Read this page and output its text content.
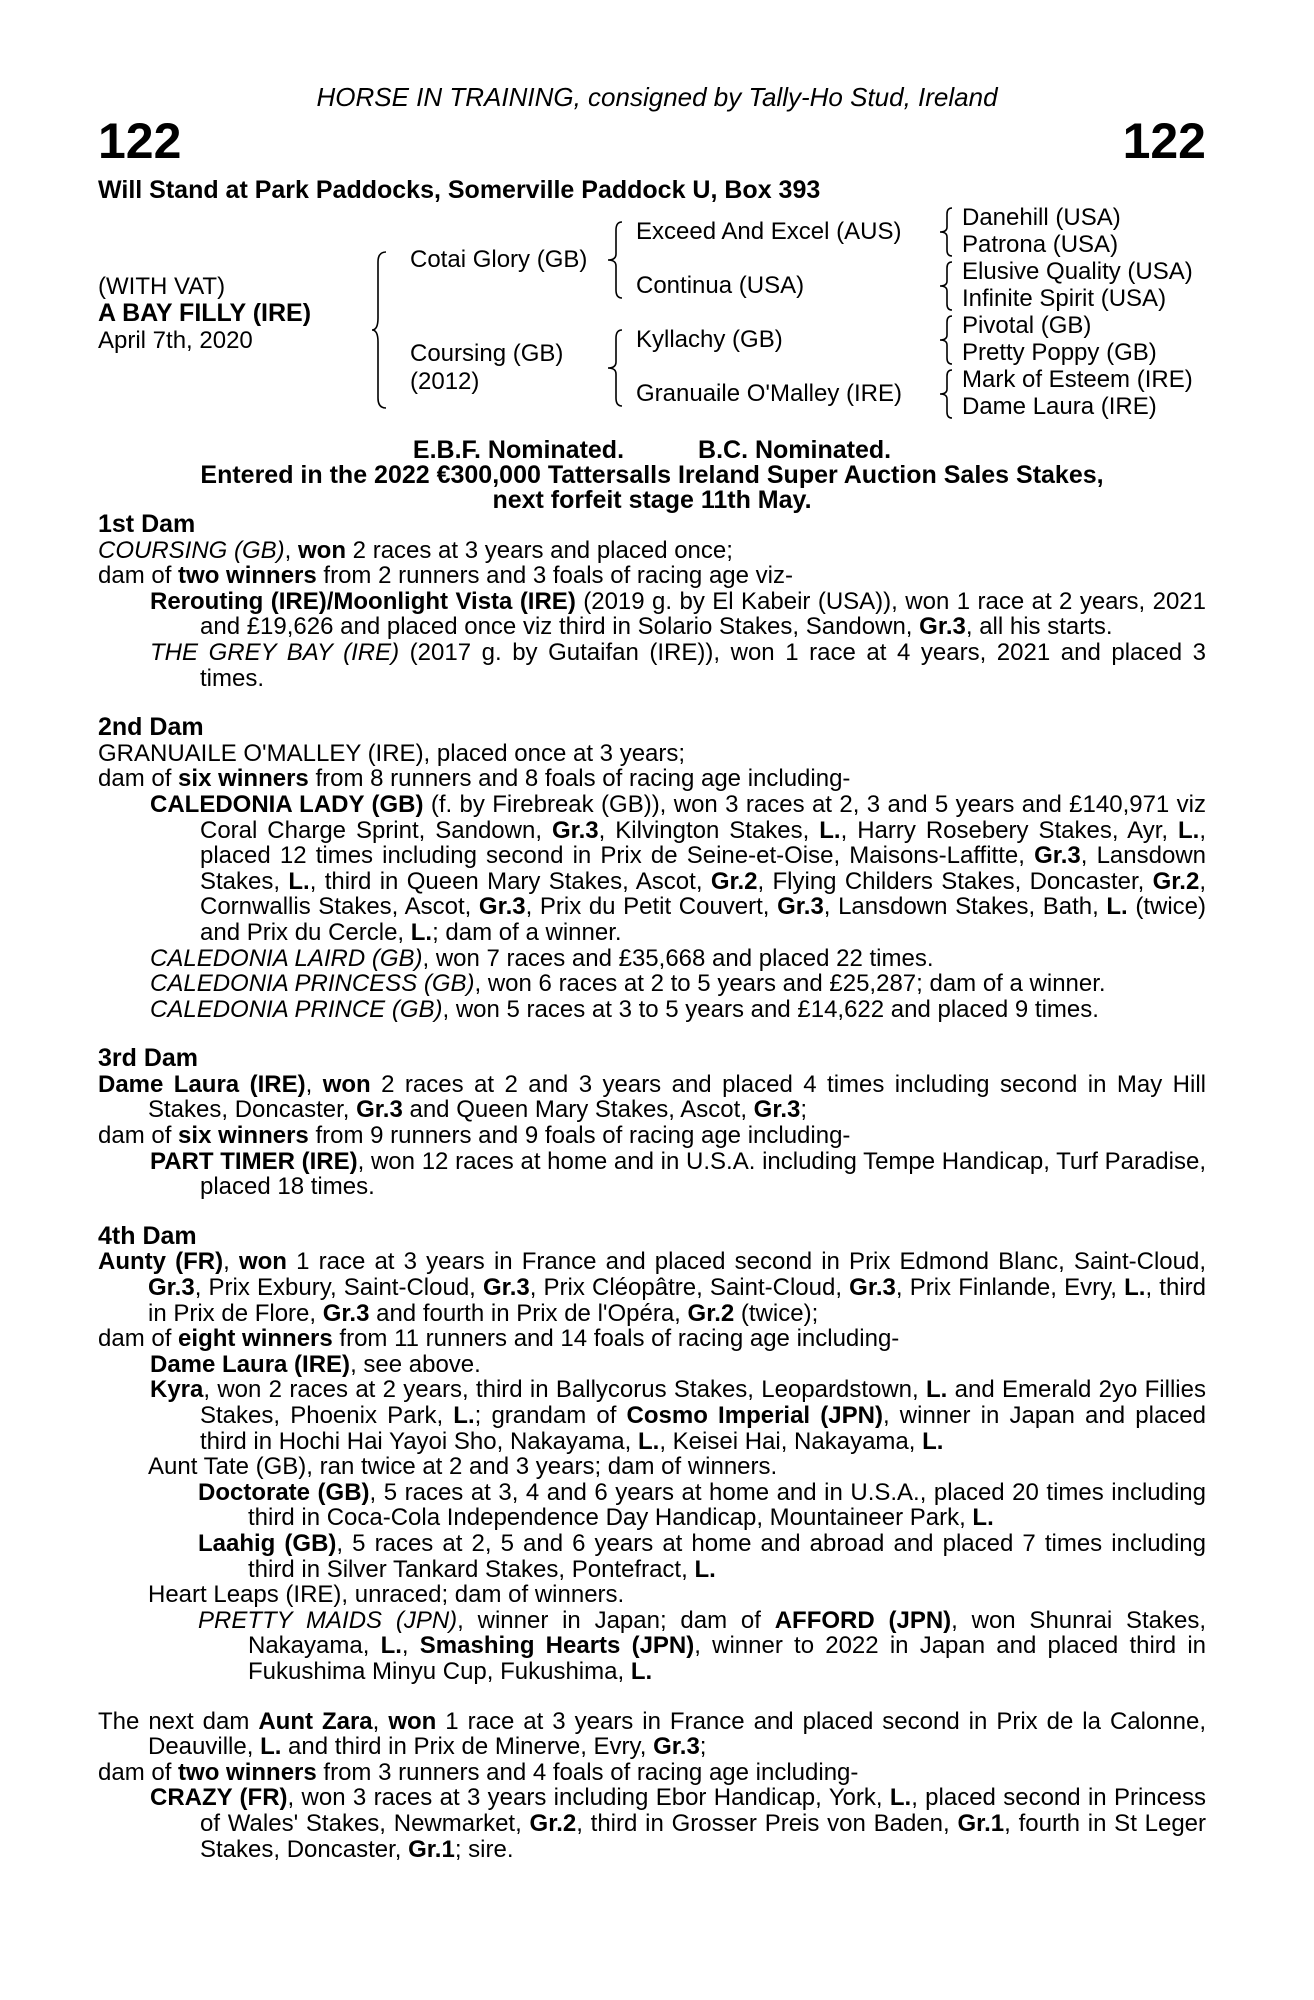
HORSE IN TRAINING, consigned by Tally-Ho Stud, Ireland
122	122
Will Stand at Park Paddocks, Somerville Paddock U, Box 393
(WITH VAT)
A BAY FILLY (IRE)
April 7th, 2020
Cotai Glory (GB)
Coursing (GB)
(2012)
Exceed And Excel (AUS)
Continua (USA)
Kyllachy (GB)
Granuaile O'Malley (IRE)
Danehill (USA)
Patrona (USA)
Elusive Quality (USA)
Infinite Spirit (USA)
Pivotal (GB)
Pretty Poppy (GB)
Mark of Esteem (IRE)
Dame Laura (IRE)
E.B.F. Nominated.	B.C. Nominated.
Entered in the 2022 €300,000 Tattersalls Ireland Super Auction Sales Stakes,
next forfeit stage 11th May.
1st Dam

COURSING (GB), won 2 races at 3 years and placed once;

dam of two winners from 2 runners and 3 foals of racing age viz-

Rerouting (IRE)/Moonlight Vista (IRE) (2019 g. by El Kabeir (USA)), won 1 race at 2 years, 2021 and £19,626 and placed once viz third in Solario Stakes, Sandown, Gr.3, all his starts.

THE GREY BAY (IRE) (2017 g. by Gutaifan (IRE)), won 1 race at 4 years, 2021 and placed 3 times.

2nd Dam

GRANUAILE O'MALLEY (IRE), placed once at 3 years;

dam of six winners from 8 runners and 8 foals of racing age including-

CALEDONIA LADY (GB) (f. by Firebreak (GB)), won 3 races at 2, 3 and 5 years and £140,971 viz Coral Charge Sprint, Sandown, Gr.3, Kilvington Stakes, L., Harry Rosebery Stakes, Ayr, L., placed 12 times including second in Prix de Seine-et-Oise, Maisons-Laffitte, Gr.3, Lansdown Stakes, L., third in Queen Mary Stakes, Ascot, Gr.2, Flying Childers Stakes, Doncaster, Gr.2, Cornwallis Stakes, Ascot, Gr.3, Prix du Petit Couvert, Gr.3, Lansdown Stakes, Bath, L. (twice) and Prix du Cercle, L.; dam of a winner.

CALEDONIA LAIRD (GB), won 7 races and £35,668 and placed 22 times.

CALEDONIA PRINCESS (GB), won 6 races at 2 to 5 years and £25,287; dam of a winner.

CALEDONIA PRINCE (GB), won 5 races at 3 to 5 years and £14,622 and placed 9 times.

3rd Dam

Dame Laura (IRE), won 2 races at 2 and 3 years and placed 4 times including second in May Hill Stakes, Doncaster, Gr.3 and Queen Mary Stakes, Ascot, Gr.3;

dam of six winners from 9 runners and 9 foals of racing age including-

PART TIMER (IRE), won 12 races at home and in U.S.A. including Tempe Handicap, Turf Paradise, placed 18 times.

4th Dam

Aunty (FR), won 1 race at 3 years in France and placed second in Prix Edmond Blanc, Saint-Cloud, Gr.3, Prix Exbury, Saint-Cloud, Gr.3, Prix Cléopâtre, Saint-Cloud, Gr.3, Prix Finlande, Evry, L., third in Prix de Flore, Gr.3 and fourth in Prix de l'Opéra, Gr.2 (twice);

dam of eight winners from 11 runners and 14 foals of racing age including-

Dame Laura (IRE), see above.

Kyra, won 2 races at 2 years, third in Ballycorus Stakes, Leopardstown, L. and Emerald 2yo Fillies Stakes, Phoenix Park, L.; grandam of Cosmo Imperial (JPN), winner in Japan and placed third in Hochi Hai Yayoi Sho, Nakayama, L., Keisei Hai, Nakayama, L.

Aunt Tate (GB), ran twice at 2 and 3 years; dam of winners.

Doctorate (GB), 5 races at 3, 4 and 6 years at home and in U.S.A., placed 20 times including third in Coca-Cola Independence Day Handicap, Mountaineer Park, L.

Laahig (GB), 5 races at 2, 5 and 6 years at home and abroad and placed 7 times including third in Silver Tankard Stakes, Pontefract, L.

Heart Leaps (IRE), unraced; dam of winners.

PRETTY MAIDS (JPN), winner in Japan; dam of AFFORD (JPN), won Shunrai Stakes, Nakayama, L., Smashing Hearts (JPN), winner to 2022 in Japan and placed third in Fukushima Minyu Cup, Fukushima, L.

The next dam Aunt Zara, won 1 race at 3 years in France and placed second in Prix de la Calonne, Deauville, L. and third in Prix de Minerve, Evry, Gr.3;

dam of two winners from 3 runners and 4 foals of racing age including-

CRAZY (FR), won 3 races at 3 years including Ebor Handicap, York, L., placed second in Princess of Wales' Stakes, Newmarket, Gr.2, third in Grosser Preis von Baden, Gr.1, fourth in St Leger Stakes, Doncaster, Gr.1; sire.
